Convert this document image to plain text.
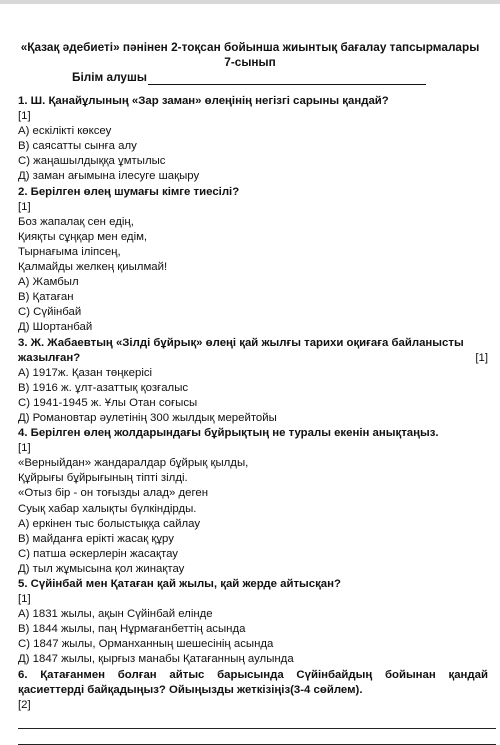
«Қазақ әдебиеті» пәнінен 2-тоқсан бойынша жиынтық бағалау тапсырмалары
7-сынып
Білім алушы
1. Ш. Қанайұлының «Зар заман» өлеңінің негізгі сарыны қандай?
[1]
А) ескілікті көксеу
В) саясатты сынға алу
С) жаңашылдыққа ұмтылыс
Д) заман ағымына ілесуге шақыру
2. Берілген өлең шумағы кімге тиесілі?
[1]
Боз жапалақ сен едің,
Қияқты сұңқар мен едім,
Тырнағыма іліпсең,
Қалмайды желкең қиылмай!
А) Жамбыл
В) Қатаған
С) Сүйінбай
Д) Шортанбай
3. Ж. Жабаевтың «Зілді бұйрық» өлеңі қай жылғы тарихи оқиғаға байланысты
жазылған?	[1]
А) 1917ж. Қазан төңкерісі
В) 1916 ж. ұлт-азаттық қозғалыс
С) 1941-1945 ж. Ұлы Отан соғысы
Д) Романовтар әулетінің 300 жылдық мерейтойы
4. Берілген өлең жолдарындағы бұйрықтың не туралы екенін анықтаңыз.
[1]
«Верныйдан» жандаралдар бұйрық қылды,
Құйрығы бұйрығының тіпті зілді.
«Отыз бір - он тоғызды алад» деген
Суық хабар халықты бүлкіндірды.
А) еркінен тыс болыстыққа сайлау
В) майданға ерікті жасақ құру
С) патша әскерлерін жасақтау
Д) тыл жұмысына қол жинақтау
5. Сүйінбай мен Қатаған қай жылы, қай жерде айтысқан?
[1]
А) 1831 жылы, ақын Сүйінбай елінде
В) 1844 жылы, паң Нұрмағанбеттің асында
С) 1847 жылы, Орманханның шешесінің асында
Д) 1847 жылы, қырғыз манабы Қатағанның аулында
6. Қатағанмен болған айтыс барысында Сүйінбайдың бойынан қандай
қасиеттерді байқадыңыз? Ойыңызды жеткізіңіз(3-4 сөйлем).
[2]
